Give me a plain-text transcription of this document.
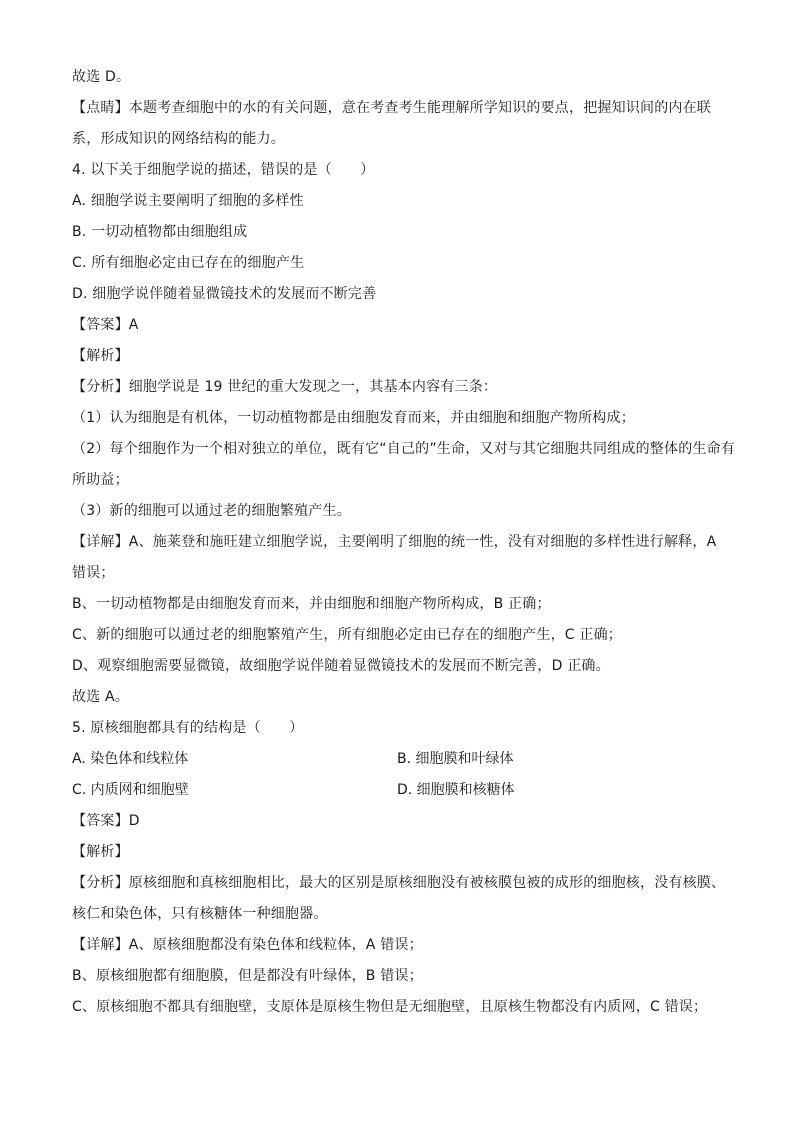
故选 D。
【点睛】本题考查细胞中的水的有关问题，意在考查考生能理解所学知识的要点，把握知识间的内在联
系，形成知识的网络结构的能力。
4. 以下关于细胞学说的描述，错误的是（　　）
A. 细胞学说主要阐明了细胞的多样性
B. 一切动植物都由细胞组成
C. 所有细胞必定由已存在的细胞产生
D. 细胞学说伴随着显微镜技术的发展而不断完善
【答案】A
【解析】
【分析】细胞学说是 19 世纪的重大发现之一，其基本内容有三条：
（1）认为细胞是有机体，一切动植物都是由细胞发育而来，并由细胞和细胞产物所构成；
（2）每个细胞作为一个相对独立的单位，既有它“自己的”生命，又对与其它细胞共同组成的整体的生命有
所助益；
（3）新的细胞可以通过老的细胞繁殖产生。
【详解】A、施莱登和施旺建立细胞学说，主要阐明了细胞的统一性，没有对细胞的多样性进行解释，A
错误；
B、一切动植物都是由细胞发育而来，并由细胞和细胞产物所构成，B 正确；
C、新的细胞可以通过老的细胞繁殖产生，所有细胞必定由已存在的细胞产生，C 正确；
D、观察细胞需要显微镜，故细胞学说伴随着显微镜技术的发展而不断完善，D 正确。
故选 A。
5. 原核细胞都具有的结构是（　　）
A. 染色体和线粒体	B. 细胞膜和叶绿体
C. 内质网和细胞壁	D. 细胞膜和核糖体
【答案】D
【解析】
【分析】原核细胞和真核细胞相比，最大的区别是原核细胞没有被核膜包被的成形的细胞核，没有核膜、
核仁和染色体，只有核糖体一种细胞器。
【详解】A、原核细胞都没有染色体和线粒体，A 错误；
B、原核细胞都有细胞膜，但是都没有叶绿体，B 错误；
C、原核细胞不都具有细胞壁，支原体是原核生物但是无细胞壁，且原核生物都没有内质网，C 错误；
